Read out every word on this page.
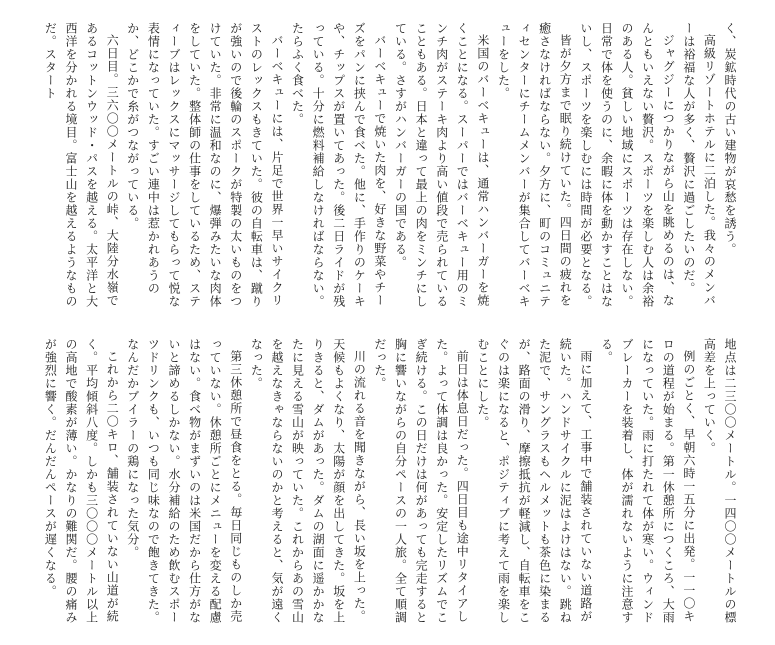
く、炭鉱時代の古い建物が哀愁を誘う。

高級リゾートホテルに二泊した。我々のメンバーは裕福な人が多く、贅沢に過ごしたいのだ。

ジャグジーにつかりながら山を眺めるのは、なんともいえない贅沢。スポーツを楽しむ人は余裕のある人。貧しい地域にスポーツは存在しない。日常で体を使うのに、余暇に体を動かすことはないし、スポーツを楽しむには時間が必要となる。

皆が夕方まで眠り続けていた。四日間の疲れを癒さなければならない。夕方に、町のコミュニティセンターにチームメンバーが集合してバーベキューをした。

米国のバーベキューは、通常ハンバーガーを焼くことになる。スーパーではバーベキュー用のミンチ肉がステーキ肉より高い値段で売られていることもある。日本と違って最上の肉をミンチにしている。さすがハンバーガーの国である。

バーベキューで焼いた肉を、好きな野菜やチーズをパンに挟んで食べた。他に、手作りのケーキや、チップスが置いてあった。後二日ライドが残っている。十分に燃料補給しなければならない。たらふく食べた。

バーベキューには、片足で世界一早いサイクリストのレックスもきていた。彼の自転車は、蹴りが強いので後輪のスポークが特製の太いものをつけていた。非常に温和なのに、爆弾みたいな肉体をしていた。整体師の仕事をしているため、スティーブはレックスにマッサージしてもらって悦な表情になっていた。すごい連中は惹かれあうのか、どこかで糸がつながっている。

六日目。三六〇〇メートルの峠、大陸分水嶺であるコットンウッド・パスを越える。太平洋と大西洋を分かれる境目。富士山を越えるようなものだ。スタート

地点は二三〇〇メートル。一四〇〇メートルの標高差を上っていく。

例のごとく、早朝六時一五分に出発。一一〇キロの道程が始まる。第一休憩所につくころ、大雨になっていた。雨に打たれて体が寒い。ウィンドブレーカーを装着し、体が濡れないように注意する。

雨に加えて、工事中で舗装されていない道路が続いた。ハンドサイクルに泥はよけはない。跳ねた泥で、サングラスもヘルメットも茶色に染まるが、路面の滑り、摩擦抵抗が軽減し、自転車をこぐのは楽になると、ポジティブに考えて雨を楽しむことにした。

前日は体息日だった。四日目も途中リタイアした。よって体調は良かった。安定したリズムでこぎ続ける。この日だけは何があっても完走すると胸に響いながらの自分ペースの一人旅。全て順調だった。

川の流れる音を聞きながら、長い坂を上った。天候もよくなり、太陽が顔を出してきた。坂を上りきると、ダムがあった。ダムの湖面に遥かかなたに見える雪山が映っていた。これからあの雪山を越えなきゃならないのかと考えると、気が遠くなった。

第三休憩所で昼食をとる。毎日同じものしか売っていない。休憩所ごとにメニューを変える配慮はない。食べ物がまずいのは米国だから仕方がないと諦めるしかない。水分補給のため飲むスポーツドリンクも、いつも同じ味なので飽きてきた。なんだかブイラーの鶏になった気分。

これから二〇キロ、舗装されていない山道が続く。平均傾斜八度。しかも三〇〇〇メートル以上の高地で酸素が薄い。かなりの難関だ。腰の痛みが強烈に響く。だんだんペースが遅くなる。
